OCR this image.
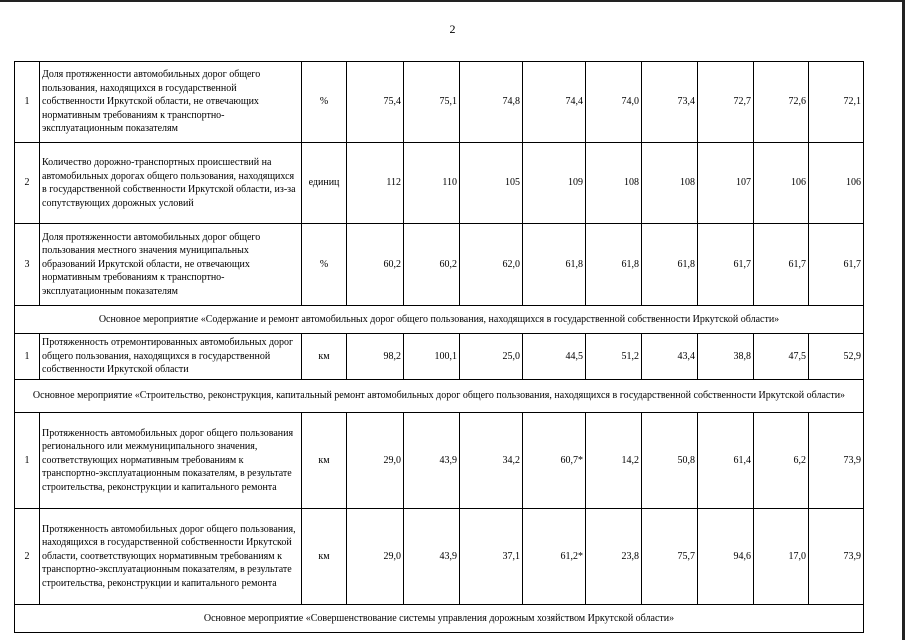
2
1	Доля протяженности автомобильных дорог общего пользования, находящихся в государственной собственности Иркутской области, не отвечающих нормативным требованиям к транспортно-эксплуатационным показателям	%	75,4	75,1	74,8	74,4	74,0	73,4	72,7	72,6	72,1
2	Количество дорожно-транспортных происшествий на автомобильных дорогах общего пользования, находящихся в государственной собственности Иркутской области, из-за сопутствующих дорожных условий	единиц	112	110	105	109	108	108	107	106	106
3	Доля протяженности автомобильных дорог общего пользования местного значения муниципальных образований Иркутской области, не отвечающих нормативным требованиям к транспортно-эксплуатационным показателям	%	60,2	60,2	62,0	61,8	61,8	61,8	61,7	61,7	61,7
Основное мероприятие «Содержание и ремонт автомобильных дорог общего пользования, находящихся в государственной собственности Иркутской области»											
1	Протяженность отремонтированных автомобильных дорог общего пользования, находящихся в государственной собственности Иркутской области	км	98,2	100,1	25,0	44,5	51,2	43,4	38,8	47,5	52,9
Основное мероприятие «Строительство, реконструкция, капитальный ремонт автомобильных дорог общего пользования, находящихся в государственной собственности Иркутской области»											
1	Протяженность автомобильных дорог общего пользования регионального или межмуниципального значения, соответствующих нормативным требованиям к транспортно-эксплуатационным показателям, в результате строительства, реконструкции и капитального ремонта	км	29,0	43,9	34,2	60,7*	14,2	50,8	61,4	6,2	73,9
2	Протяженность автомобильных дорог общего пользования, находящихся в государственной собственности Иркутской области, соответствующих нормативным требованиям к транспортно-эксплуатационным показателям, в результате строительства, реконструкции и капитального ремонта	км	29,0	43,9	37,1	61,2*	23,8	75,7	94,6	17,0	73,9
Основное мероприятие «Совершенствование системы управления дорожным хозяйством Иркутской области»											
